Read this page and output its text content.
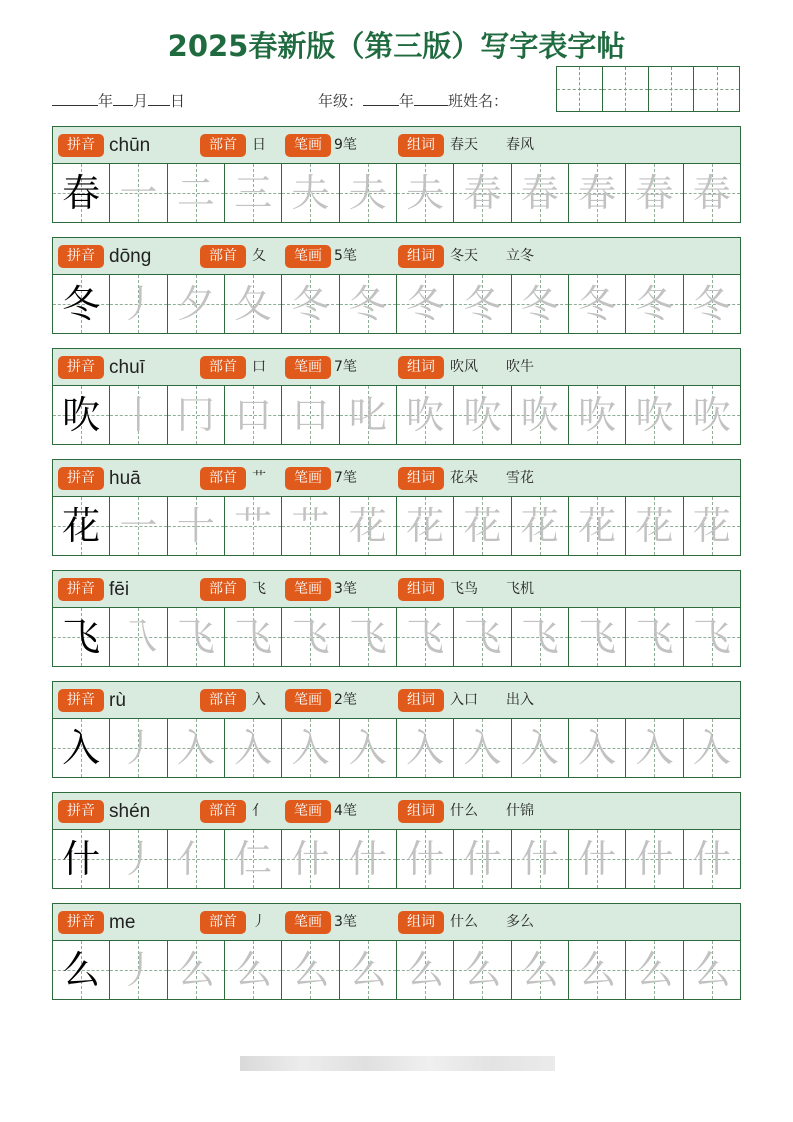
2025春新版（第三版）写字表字帖
年 月 日	年级： 年 班姓名：
拼音 chūn	部首	日	笔画 9笔	组词	春天 春风
春 一 二 三 夫 夫 夫 春 春 春 春 春
拼音 dōng	部首	夂	笔画 5笔	组词	冬天 立冬
冬 丿 夕 夂 冬 冬 冬 冬 冬 冬 冬 冬
拼音 chuī	部首	口	笔画 7笔	组词	吹风 吹牛
吹 丨 冂 口 口 叱 吹 吹 吹 吹 吹 吹
拼音 huā	部首	艹	笔画 7笔	组词	花朵 雪花
花 一 十 艹 艹 花 花 花 花 花 花 花
拼音 fēi	部首	飞	笔画 3笔	组词	飞鸟 飞机
飞 乁 飞 飞 飞 飞 飞 飞 飞 飞 飞 飞
拼音 rù	部首	入	笔画 2笔	组词	入口 出入
入 丿 入 入 入 入 入 入 入 入 入 入
拼音 shén	部首	亻	笔画 4笔	组词	什么 什锦
什 丿 亻 仁 什 什 什 什 什 什 什 什
拼音 me	部首	丿	笔画 3笔	组词	什么 多么
么 丿 么 么 么 么 么 么 么 么 么 么
